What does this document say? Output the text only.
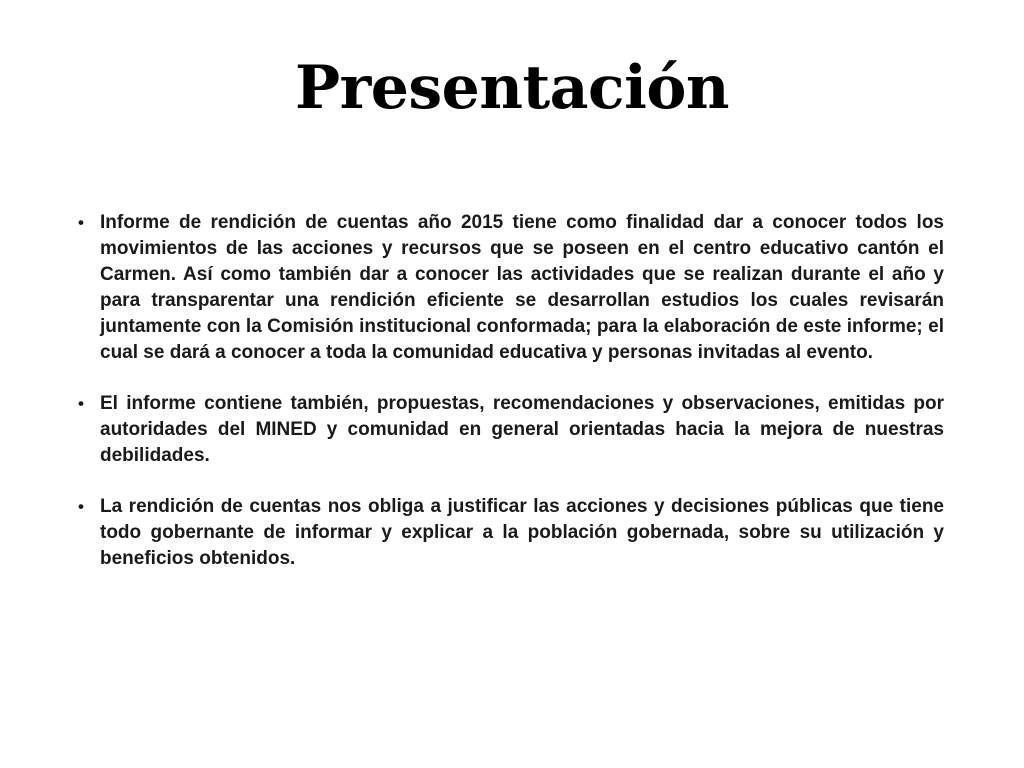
Presentación
• Informe de rendición de cuentas año 2015 tiene como finalidad dar a conocer todos los movimientos de las acciones y recursos que se poseen en el centro educativo cantón el Carmen. Así como también dar a conocer las actividades que se realizan durante el año y para transparentar una rendición eficiente se desarrollan estudios los cuales revisarán juntamente con la Comisión institucional conformada; para la elaboración de este informe; el cual se dará a conocer a toda la comunidad educativa y personas invitadas al evento.
• El informe contiene también, propuestas, recomendaciones y observaciones, emitidas por autoridades del MINED y comunidad en general orientadas hacia la mejora de nuestras debilidades.
• La rendición de cuentas nos obliga a justificar las acciones y decisiones públicas que tiene todo gobernante de informar y explicar a la población gobernada, sobre su utilización y beneficios obtenidos.
